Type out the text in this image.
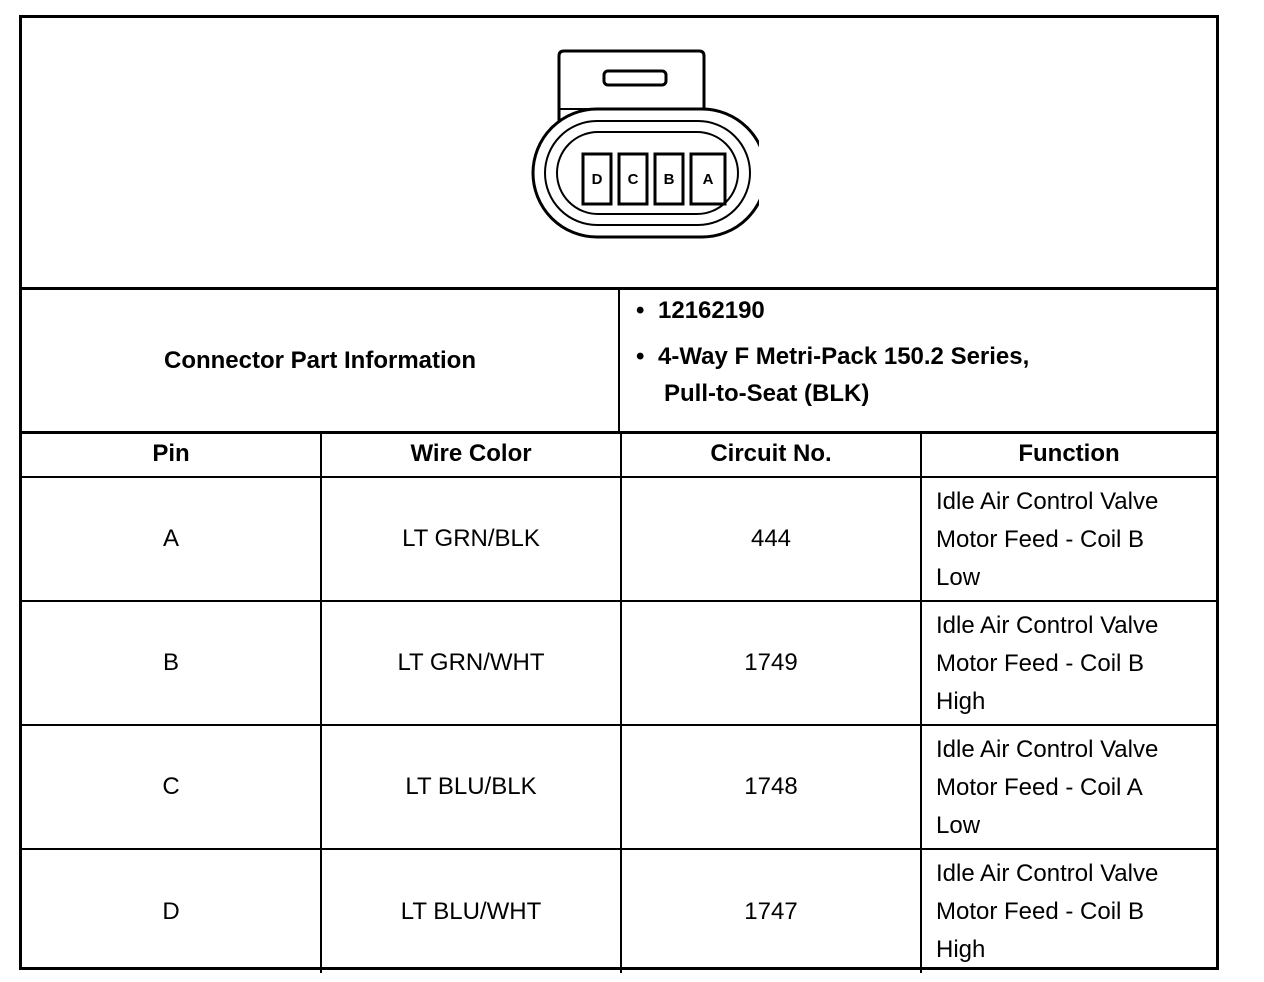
D C B A
Connector Part Information
• 12162190
• 4-Way F Metri-Pack 150.2 Series,
Pull-to-Seat (BLK)
Pin	Wire Color	Circuit No.	Function
A	LT GRN/BLK	444	Idle Air Control Valve
Motor Feed - Coil B
Low

B	LT GRN/WHT	1749	Idle Air Control Valve
Motor Feed - Coil B
High

C	LT BLU/BLK	1748	Idle Air Control Valve
Motor Feed - Coil A
Low

D	LT BLU/WHT	1747	Idle Air Control Valve
Motor Feed - Coil B
High
